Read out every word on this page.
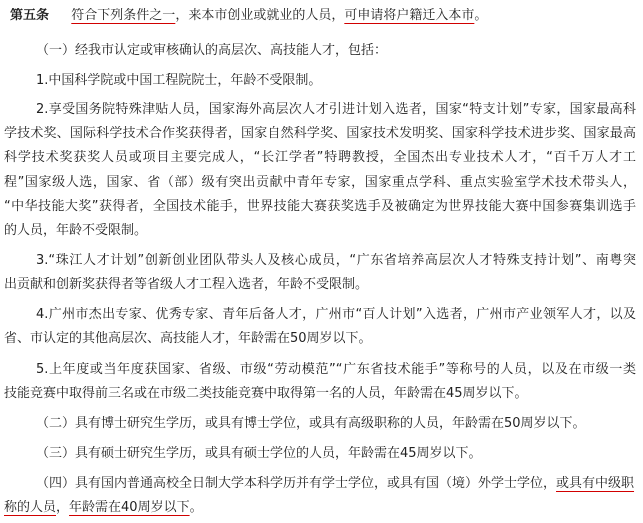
第五条 符合下列条件之一，来本市创业或就业的人员，可申请将户籍迁入本市。
（一）经我市认定或审核确认的高层次、高技能人才，包括：
1.中国科学院或中国工程院院士，年龄不受限制。
2.享受国务院特殊津贴人员，国家海外高层次人才引进计划入选者，国家“特支计划”专家，国家最高科
学技术奖、国际科学技术合作奖获得者，国家自然科学奖、国家技术发明奖、国家科学技术进步奖、国家最高
科学技术奖获奖人员或项目主要完成人，“长江学者”特聘教授，全国杰出专业技术人才，“百千万人才工
程”国家级人选，国家、省（部）级有突出贡献中青年专家，国家重点学科、重点实验室学术技术带头人，
“中华技能大奖”获得者，全国技术能手，世界技能大赛获奖选手及被确定为世界技能大赛中国参赛集训选手
的人员，年龄不受限制。
3.“珠江人才计划”创新创业团队带头人及核心成员，“广东省培养高层次人才特殊支持计划”、南粤突
出贡献和创新奖获得者等省级人才工程入选者，年龄不受限制。
4.广州市杰出专家、优秀专家、青年后备人才，广州市“百人计划”入选者，广州市产业领军人才，以及
省、市认定的其他高层次、高技能人才，年龄需在50周岁以下。
5.上年度或当年度获国家、省级、市级“劳动模范”“广东省技术能手”等称号的人员，以及在市级一类
技能竞赛中取得前三名或在市级二类技能竞赛中取得第一名的人员，年龄需在45周岁以下。
（二）具有博士研究生学历，或具有博士学位，或具有高级职称的人员，年龄需在50周岁以下。
（三）具有硕士研究生学历，或具有硕士学位的人员，年龄需在45周岁以下。
（四）具有国内普通高校全日制大学本科学历并有学士学位，或具有国（境）外学士学位，或具有中级职
称的人员，年龄需在40周岁以下。
